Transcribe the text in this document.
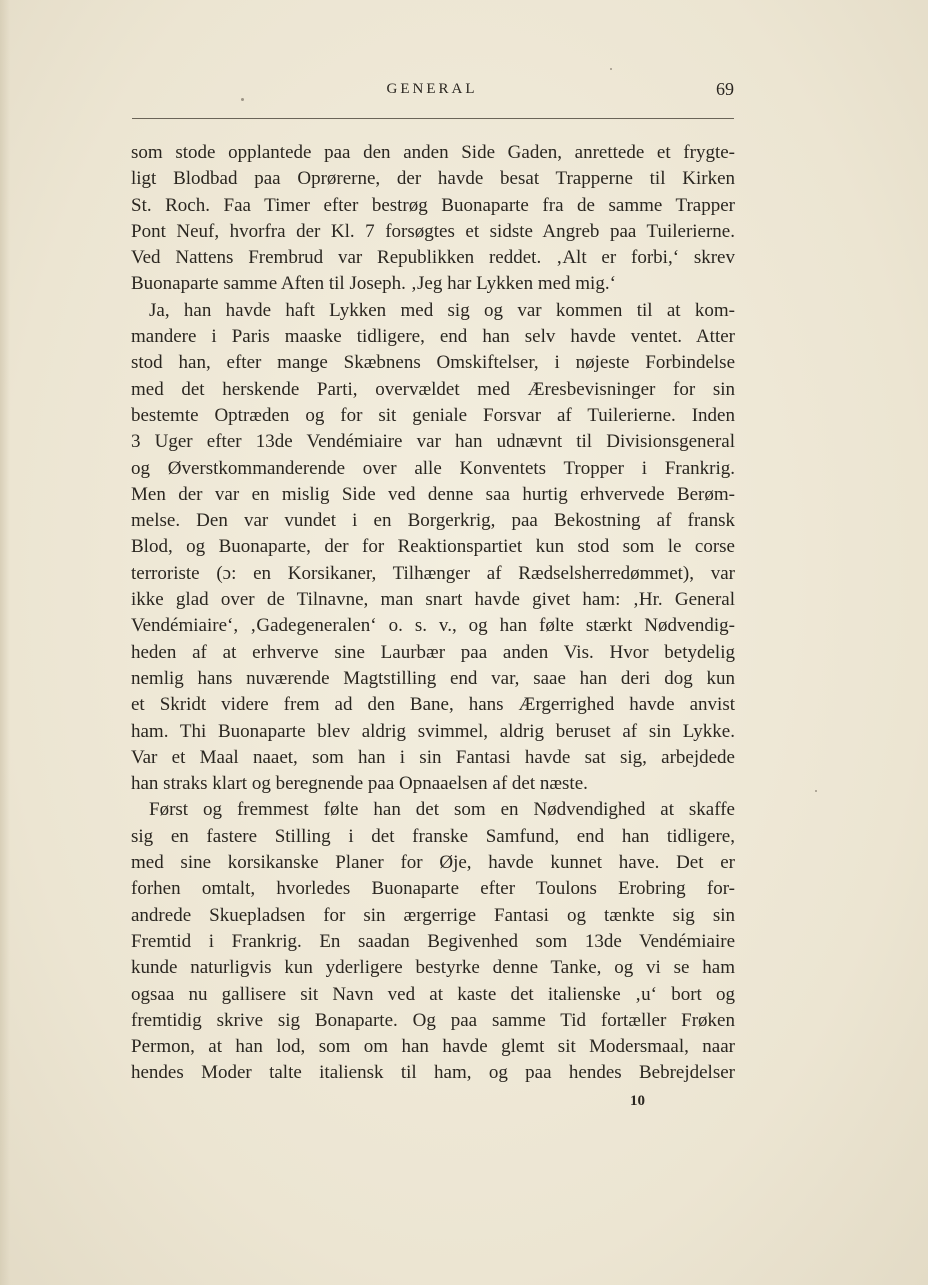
GENERAL	69
som stode opplantede paa den anden Side Gaden, anrettede et frygte-
ligt Blodbad paa Oprørerne, der havde besat Trapperne til Kirken
St. Roch. Faa Timer efter bestrøg Buonaparte fra de samme Trapper
Pont Neuf, hvorfra der Kl. 7 forsøgtes et sidste Angreb paa Tuilerierne.
Ved Nattens Frembrud var Republikken reddet. ‚Alt er forbi,‘ skrev
Buonaparte samme Aften til Joseph. ‚Jeg har Lykken med mig.‘
Ja, han havde haft Lykken med sig og var kommen til at kom-
mandere i Paris maaske tidligere, end han selv havde ventet. Atter
stod han, efter mange Skæbnens Omskiftelser, i nøjeste Forbindelse
med det herskende Parti, overvældet med Æresbevisninger for sin
bestemte Optræden og for sit geniale Forsvar af Tuilerierne. Inden
3 Uger efter 13de Vendémiaire var han udnævnt til Divisionsgeneral
og Øverstkommanderende over alle Konventets Tropper i Frankrig.
Men der var en mislig Side ved denne saa hurtig erhvervede Berøm-
melse. Den var vundet i en Borgerkrig, paa Bekostning af fransk
Blod, og Buonaparte, der for Reaktionspartiet kun stod som le corse
terroriste (ɔ: en Korsikaner, Tilhænger af Rædselsherredømmet), var
ikke glad over de Tilnavne, man snart havde givet ham: ‚Hr. General
Vendémiaire‘, ‚Gadegeneralen‘ o. s. v., og han følte stærkt Nødvendig-
heden af at erhverve sine Laurbær paa anden Vis. Hvor betydelig
nemlig hans nuværende Magtstilling end var, saae han deri dog kun
et Skridt videre frem ad den Bane, hans Ærgerrighed havde anvist
ham. Thi Buonaparte blev aldrig svimmel, aldrig beruset af sin Lykke.
Var et Maal naaet, som han i sin Fantasi havde sat sig, arbejdede
han straks klart og beregnende paa Opnaaelsen af det næste.
Først og fremmest følte han det som en Nødvendighed at skaffe
sig en fastere Stilling i det franske Samfund, end han tidligere,
med sine korsikanske Planer for Øje, havde kunnet have. Det er
forhen omtalt, hvorledes Buonaparte efter Toulons Erobring for-
andrede Skuepladsen for sin ærgerrige Fantasi og tænkte sig sin
Fremtid i Frankrig. En saadan Begivenhed som 13de Vendémiaire
kunde naturligvis kun yderligere bestyrke denne Tanke, og vi se ham
ogsaa nu gallisere sit Navn ved at kaste det italienske ‚u‘ bort og
fremtidig skrive sig Bonaparte. Og paa samme Tid fortæller Frøken
Permon, at han lod, som om han havde glemt sit Modersmaal, naar
hendes Moder talte italiensk til ham, og paa hendes Bebrejdelser
10
